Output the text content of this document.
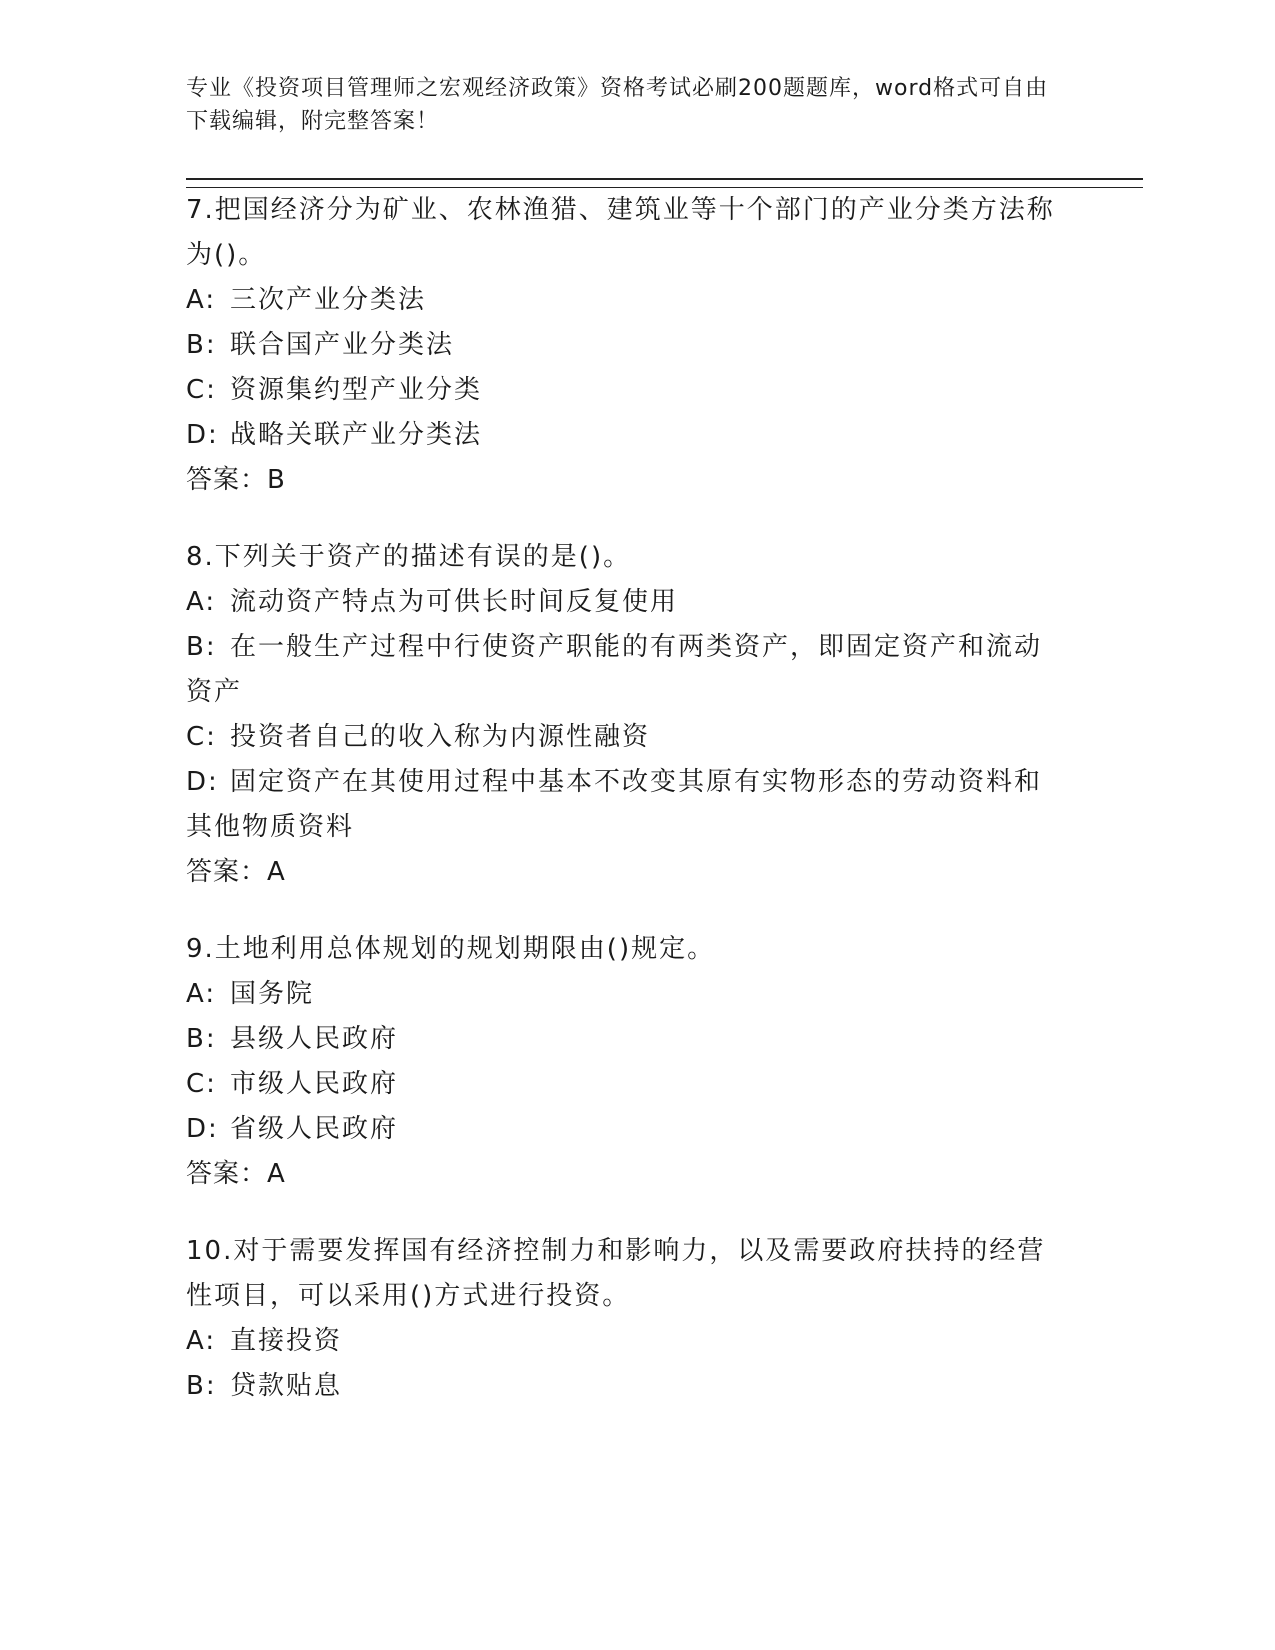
专业《投资项目管理师之宏观经济政策》资格考试必刷200题题库，word格式可自由下载编辑，附完整答案！
7.把国经济分为矿业、农林渔猎、建筑业等十个部门的产业分类方法称为()。
A: 三次产业分类法
B: 联合国产业分类法
C: 资源集约型产业分类
D: 战略关联产业分类法
答案：B
8.下列关于资产的描述有误的是()。
A: 流动资产特点为可供长时间反复使用
B: 在一般生产过程中行使资产职能的有两类资产，即固定资产和流动资产
C: 投资者自己的收入称为内源性融资
D: 固定资产在其使用过程中基本不改变其原有实物形态的劳动资料和其他物质资料
答案：A
9.土地利用总体规划的规划期限由()规定。
A: 国务院
B: 县级人民政府
C: 市级人民政府
D: 省级人民政府
答案：A
10.对于需要发挥国有经济控制力和影响力，以及需要政府扶持的经营性项目，可以采用()方式进行投资。
A: 直接投资
B: 贷款贴息
